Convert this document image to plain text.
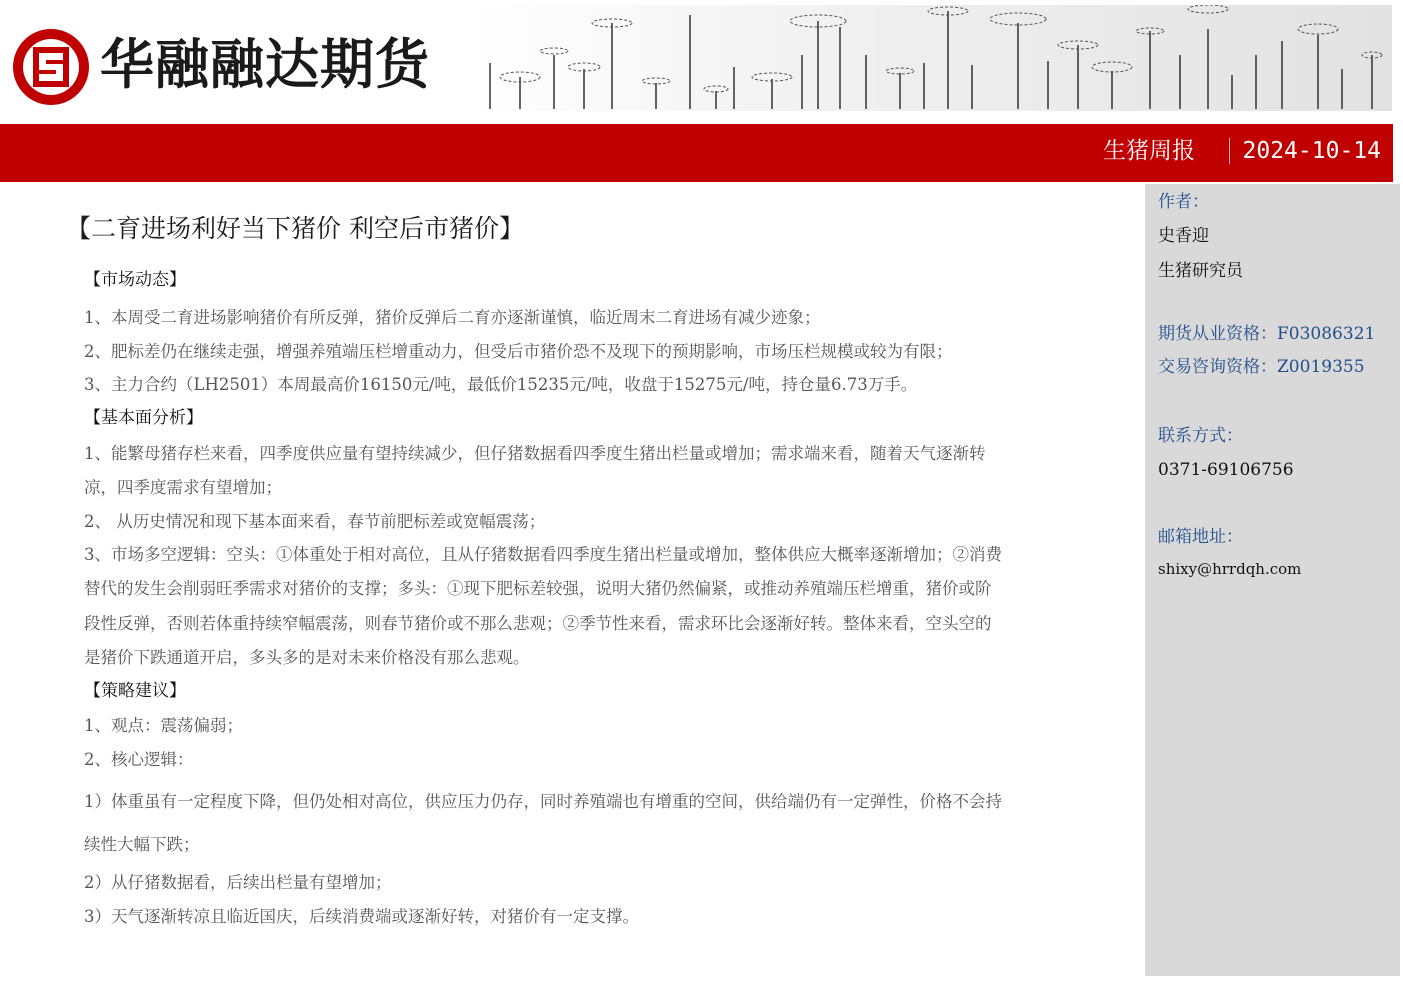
华融融达期货
生猪周报 2024-10-14
【二育进场利好当下猪价 利空后市猪价】
【市场动态】
1、本周受二育进场影响猪价有所反弹，猪价反弹后二育亦逐渐谨慎，临近周末二育进场有减少迹象；
2、肥标差仍在继续走强，增强养殖端压栏增重动力，但受后市猪价恐不及现下的预期影响，市场压栏规模或较为有限；
3、主力合约（LH2501）本周最高价16150元/吨，最低价15235元/吨，收盘于15275元/吨，持仓量6.73万手。
【基本面分析】
1、能繁母猪存栏来看，四季度供应量有望持续减少，但仔猪数据看四季度生猪出栏量或增加；需求端来看，随着天气逐渐转
凉，四季度需求有望增加；
2、 从历史情况和现下基本面来看，春节前肥标差或宽幅震荡；
3、市场多空逻辑：空头：①体重处于相对高位，且从仔猪数据看四季度生猪出栏量或增加，整体供应大概率逐渐增加；②消费
替代的发生会削弱旺季需求对猪价的支撑；多头：①现下肥标差较强，说明大猪仍然偏紧，或推动养殖端压栏增重，猪价或阶
段性反弹，否则若体重持续窄幅震荡，则春节猪价或不那么悲观；②季节性来看，需求环比会逐渐好转。整体来看，空头空的
是猪价下跌通道开启，多头多的是对未来价格没有那么悲观。
【策略建议】
1、观点：震荡偏弱；
2、核心逻辑：
1）体重虽有一定程度下降，但仍处相对高位，供应压力仍存，同时养殖端也有增重的空间，供给端仍有一定弹性，价格不会持
续性大幅下跌；
2）从仔猪数据看，后续出栏量有望增加；
3）天气逐渐转凉且临近国庆，后续消费端或逐渐好转，对猪价有一定支撑。
作者：
史香迎
生猪研究员
期货从业资格：F03086321
交易咨询资格：Z0019355
联系方式：
0371-69106756
邮箱地址：
shixy@hrrdqh.com
